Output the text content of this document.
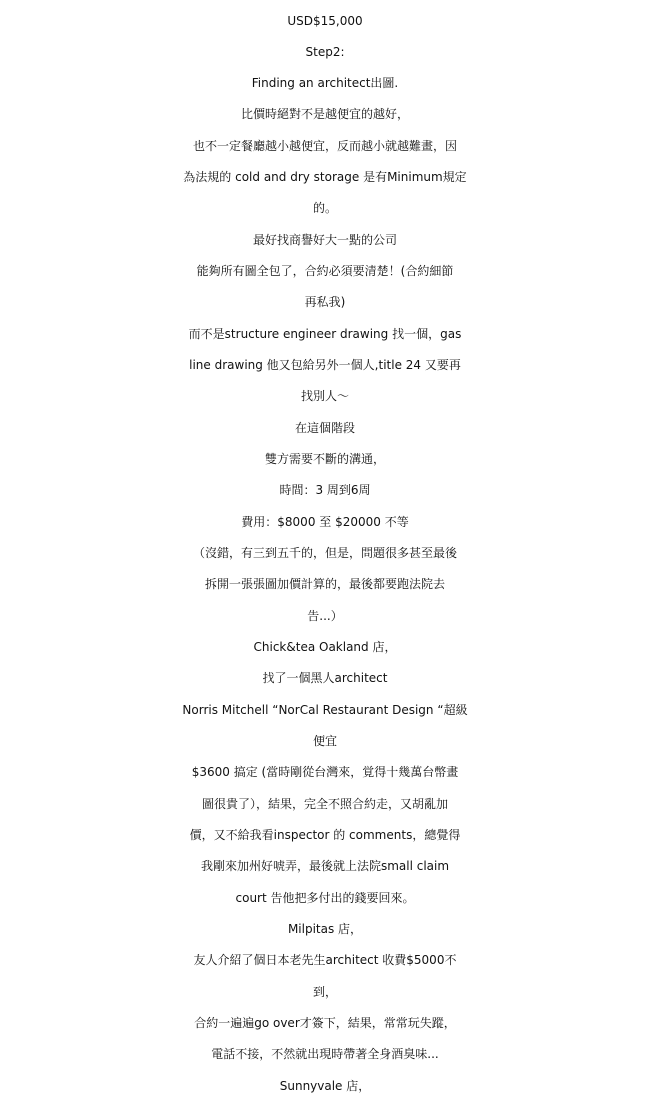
USD$15,000
Step2:
Finding an architect出圖.
比價時絕對不是越便宜的越好，
也不一定餐廳越小越便宜，反而越小就越難畫，因
為法規的 cold and dry storage 是有Minimum規定
的。
最好找商譽好大一點的公司
能夠所有圖全包了，合約必須要清楚！(合約細節
再私我)
而不是structure engineer drawing 找一個，gas
line drawing 他又包給另外一個人,title 24 又要再
找別人～
在這個階段
雙方需要不斷的溝通，
時間：3 周到6周
費用：$8000 至 $20000 不等
（沒錯，有三到五千的，但是，問題很多甚至最後
拆開一張張圖加價計算的，最後都要跑法院去
告...）
Chick&tea Oakland 店，
找了一個黑人architect
Norris Mitchell “NorCal Restaurant Design “超級
便宜
$3600 搞定 (當時剛從台灣來，覚得十幾萬台幣畫
圖很貴了），結果，完全不照合約走，又胡亂加
價，又不給我看inspector 的 comments，總覺得
我剛來加州好唬弄，最後就上法院small claim
court 告他把多付出的錢要回來。
Milpitas 店，
友人介紹了個日本老先生architect 收費$5000不
到，
合約一遍遍go over才簽下，結果，常常玩失蹤，
電話不接，不然就出現時帶著全身酒臭味...
Sunnyvale 店，
